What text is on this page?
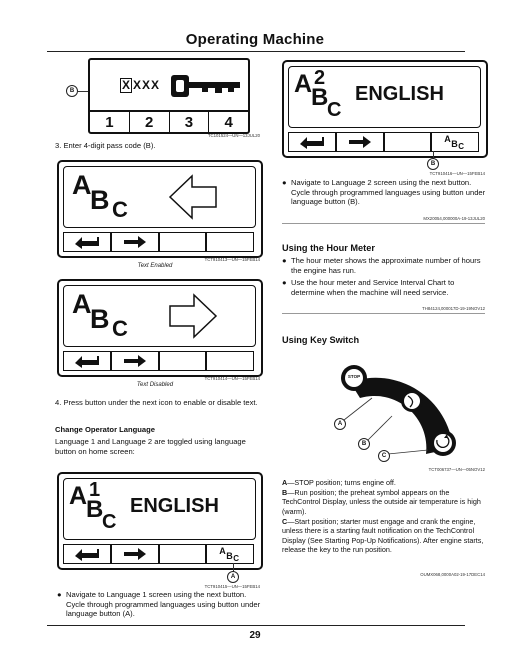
Operating Machine
B	X XXX
1	2	3	4
TC101524—UN—13JUL20
3. Enter 4-digit pass code (B).
A
B C
TCT910413—UN—15FEB14
Text Enabled
A
B C
TCT910414—UN—15FEB14
Text Disabled
4. Press button under the next icon to enable or disable text.
Change Operator Language
Language 1 and Language 2 are toggled using language button on home screen:
A 1
B
C
ENGLISH
A B C
A
TCT910415—UN—15FEB14
● Navigate to Language 1 screen using the next button. Cycle through programmed languages using button under language button (A).
A 2
B
C
ENGLISH
A B C
B
TCT910416—UN—15FEB14
● Navigate to Language 2 screen using the next button. Cycle through programmed languages using button under language button (B).
MX20054,000000A-19-13JUL20
Using the Hour Meter
● The hour meter shows the approximate number of hours the engine has run.
● Use the hour meter and Service Interval Chart to determine when the machine will need service.
TH84124,000017D-19-19NOV12
Using Key Switch
STOP
A
B
C
TCT006737—UN—05NOV12
A—STOP position; turns engine off.
B—Run position; the preheat symbol appears on the TechControl Display, unless the outside air temperature is high (warm).
C—Start position; starter must engage and crank the engine, unless there is a starting fault notification on the TechControl Display (See Starting Pop-Up Notifications). After engine starts, release the key to the run position.
OUMX068,0000A02-19-17DEC14
29
